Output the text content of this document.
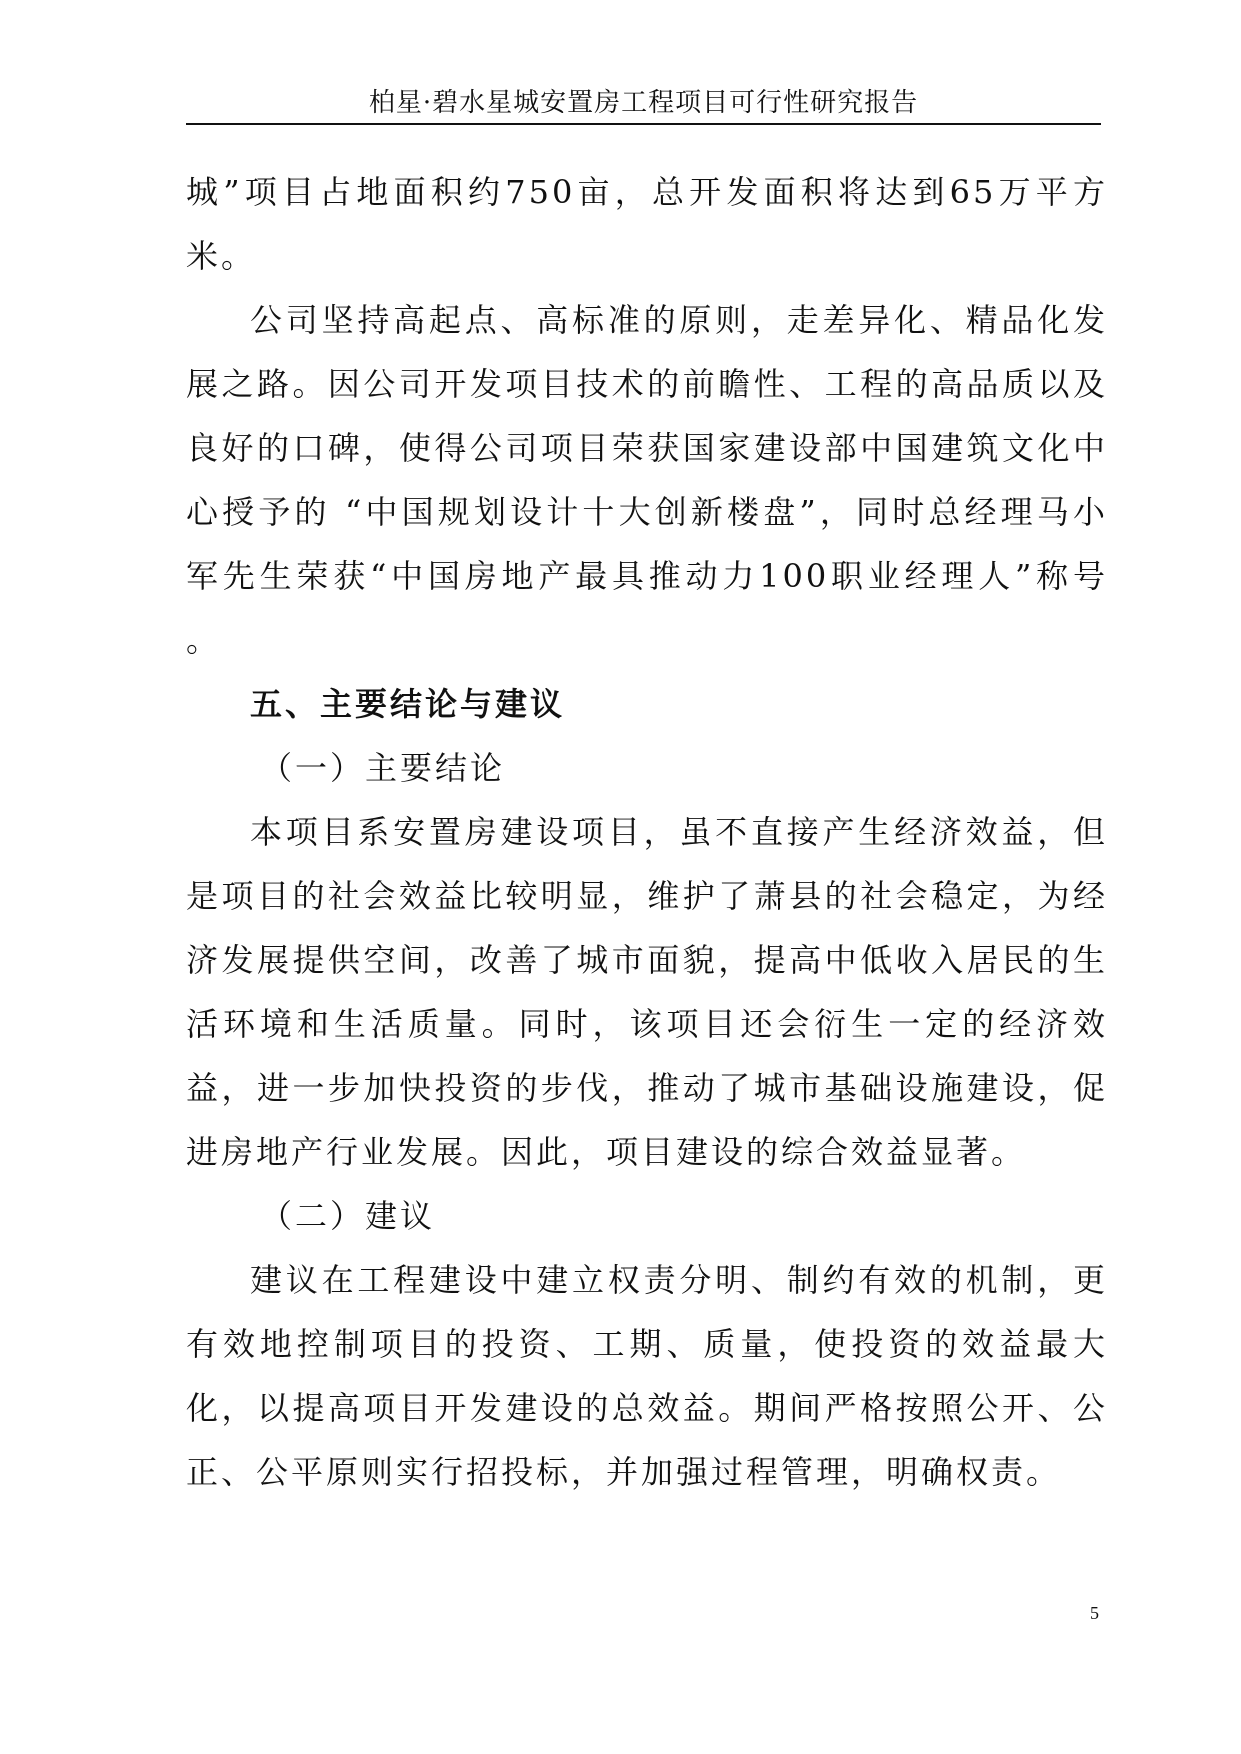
柏星·碧水星城安置房工程项目可行性研究报告

城”项目占地面积约750亩，总开发面积将达到65万平方米。

公司坚持高起点、高标准的原则，走差异化、精品化发展之路。因公司开发项目技术的前瞻性、工程的高品质以及良好的口碑，使得公司项目荣获国家建设部中国建筑文化中心授予的 “中国规划设计十大创新楼盘”，同时总经理马小军先生荣获“中国房地产最具推动力100职业经理人”称号 。

五、主要结论与建议

（一）主要结论

本项目系安置房建设项目，虽不直接产生经济效益，但是项目的社会效益比较明显，维护了萧县的社会稳定，为经济发展提供空间，改善了城市面貌，提高中低收入居民的生活环境和生活质量。同时，该项目还会衍生一定的经济效益，进一步加快投资的步伐，推动了城市基础设施建设，促进房地产行业发展。因此，项目建设的综合效益显著。

（二）建议

建议在工程建设中建立权责分明、制约有效的机制，更有效地控制项目的投资、工期、质量，使投资的效益最大化，以提高项目开发建设的总效益。期间严格按照公开、公正、公平原则实行招投标，并加强过程管理，明确权责。

5
